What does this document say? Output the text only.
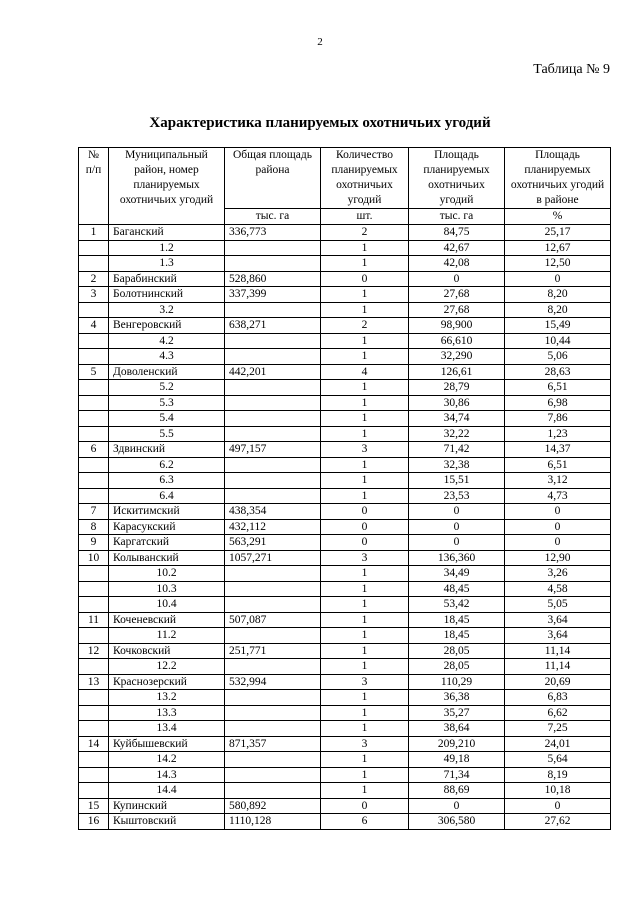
2
Таблица № 9
Характеристика планируемых охотничьих угодий
№ п/п	Муниципальный район, номер планируемых охотничьих угодий	Общая площадь района	Количество планируемых охотничьих угодий	Площадь планируемых охотничьих угодий	Площадь планируемых охотничьих угодий в районе
		тыс. га	шт.	тыс. га	%
1	Баганский	336,773	2	84,75	25,17
	1.2		1	42,67	12,67
	1.3		1	42,08	12,50
2	Барабинский	528,860	0	0	0
3	Болотнинский	337,399	1	27,68	8,20
	3.2		1	27,68	8,20
4	Венгеровский	638,271	2	98,900	15,49
	4.2		1	66,610	10,44
	4.3		1	32,290	5,06
5	Доволенский	442,201	4	126,61	28,63
	5.2		1	28,79	6,51
	5.3		1	30,86	6,98
	5.4		1	34,74	7,86
	5.5		1	32,22	1,23
6	Здвинский	497,157	3	71,42	14,37
	6.2		1	32,38	6,51
	6.3		1	15,51	3,12
	6.4		1	23,53	4,73
7	Искитимский	438,354	0	0	0
8	Карасукский	432,112	0	0	0
9	Каргатский	563,291	0	0	0
10	Колыванский	1057,271	3	136,360	12,90
	10.2		1	34,49	3,26
	10.3		1	48,45	4,58
	10.4		1	53,42	5,05
11	Коченевский	507,087	1	18,45	3,64
	11.2		1	18,45	3,64
12	Кочковский	251,771	1	28,05	11,14
	12.2		1	28,05	11,14
13	Краснозерский	532,994	3	110,29	20,69
	13.2		1	36,38	6,83
	13.3		1	35,27	6,62
	13.4		1	38,64	7,25
14	Куйбышевский	871,357	3	209,210	24,01
	14.2		1	49,18	5,64
	14.3		1	71,34	8,19
	14.4		1	88,69	10,18
15	Купинский	580,892	0	0	0
16	Кыштовский	1110,128	6	306,580	27,62
